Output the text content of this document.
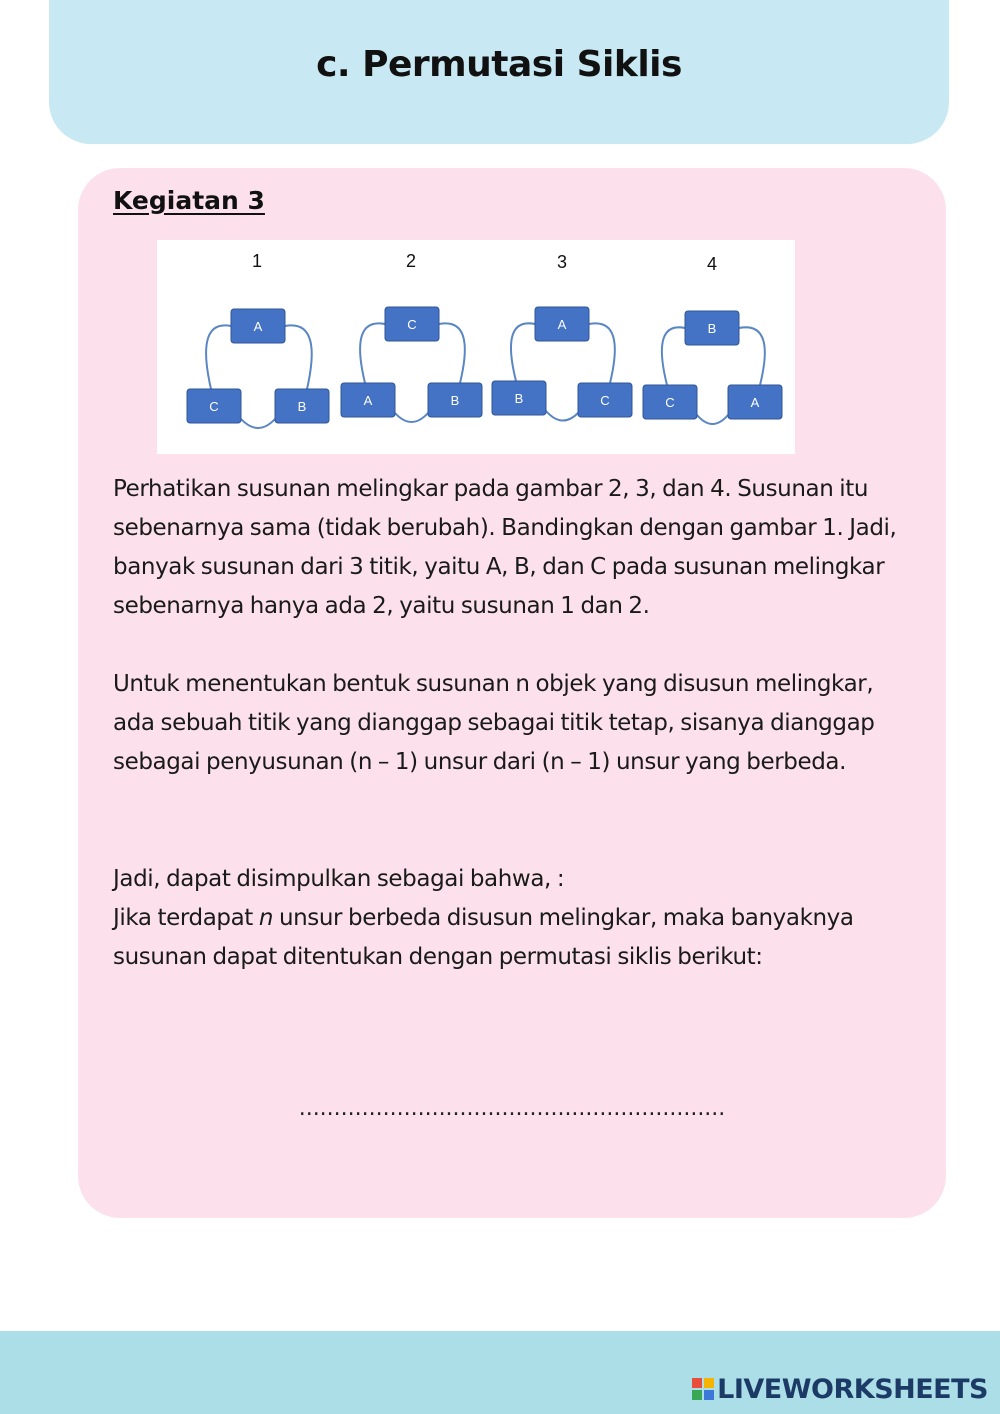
c. Permutasi Siklis
Kegiatan 3
1
A
C	B
2
C
A	B
3
A
B	C
4
B
C	A

Perhatikan susunan melingkar pada gambar 2, 3, dan 4. Susunan itu sebenarnya sama (tidak berubah). Bandingkan dengan gambar 1. Jadi, banyak susunan dari 3 titik, yaitu A, B, dan C pada susunan melingkar sebenarnya hanya ada 2, yaitu susunan 1 dan 2.

Untuk menentukan bentuk susunan n objek yang disusun melingkar, ada sebuah titik yang dianggap sebagai titik tetap, sisanya dianggap sebagai penyusunan (n – 1) unsur dari (n – 1) unsur yang berbeda.

Jadi, dapat disimpulkan sebagai bahwa, :

Jika terdapat n unsur berbeda disusun melingkar, maka banyaknya susunan dapat ditentukan dengan permutasi siklis berikut:

.............................................................
LIVEWORKSHEETS
